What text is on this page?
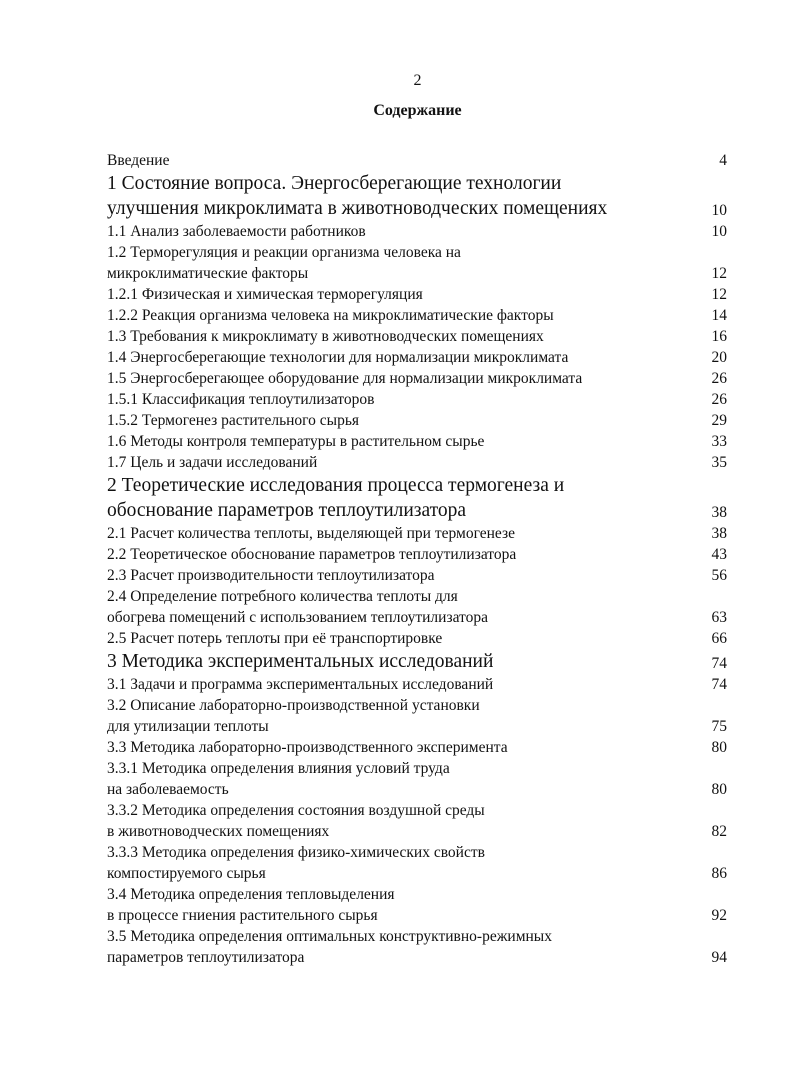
2
Содержание
Введение	4
1 Состояние вопроса. Энергосберегающие технологии
улучшения микроклимата в животноводческих помещениях	10
1.1 Анализ заболеваемости работников	10
1.2 Терморегуляция и реакции организма человека на
микроклиматические факторы	12
1.2.1 Физическая и химическая терморегуляция	12
1.2.2 Реакция организма человека на микроклиматические факторы	14
1.3 Требования к микроклимату в животноводческих помещениях	16
1.4 Энергосберегающие технологии для нормализации микроклимата	20
1.5 Энергосберегающее оборудование для нормализации микроклимата	26
1.5.1 Классификация теплоутилизаторов	26
1.5.2 Термогенез растительного сырья	29
1.6 Методы контроля температуры в растительном сырье	33
1.7 Цель и задачи исследований	35
2 Теоретические исследования процесса термогенеза и
обоснование параметров теплоутилизатора	38
2.1 Расчет количества теплоты, выделяющей при термогенезе	38
2.2 Теоретическое обоснование параметров теплоутилизатора	43
2.3 Расчет производительности теплоутилизатора	56
2.4 Определение потребного количества теплоты для
обогрева помещений с использованием теплоутилизатора	63
2.5 Расчет потерь теплоты при её транспортировке	66
3 Методика экспериментальных исследований	74
3.1 Задачи и программа экспериментальных исследований	74
3.2 Описание лабораторно-производственной установки
для утилизации теплоты	75
3.3 Методика лабораторно-производственного эксперимента	80
3.3.1 Методика определения влияния условий труда
на заболеваемость	80
3.3.2 Методика определения состояния воздушной среды
в животноводческих помещениях	82
3.3.3 Методика определения физико-химических свойств
компостируемого сырья	86
3.4 Методика определения тепловыделения
в процессе гниения растительного сырья	92
3.5 Методика определения оптимальных конструктивно-режимных
параметров теплоутилизатора	94
